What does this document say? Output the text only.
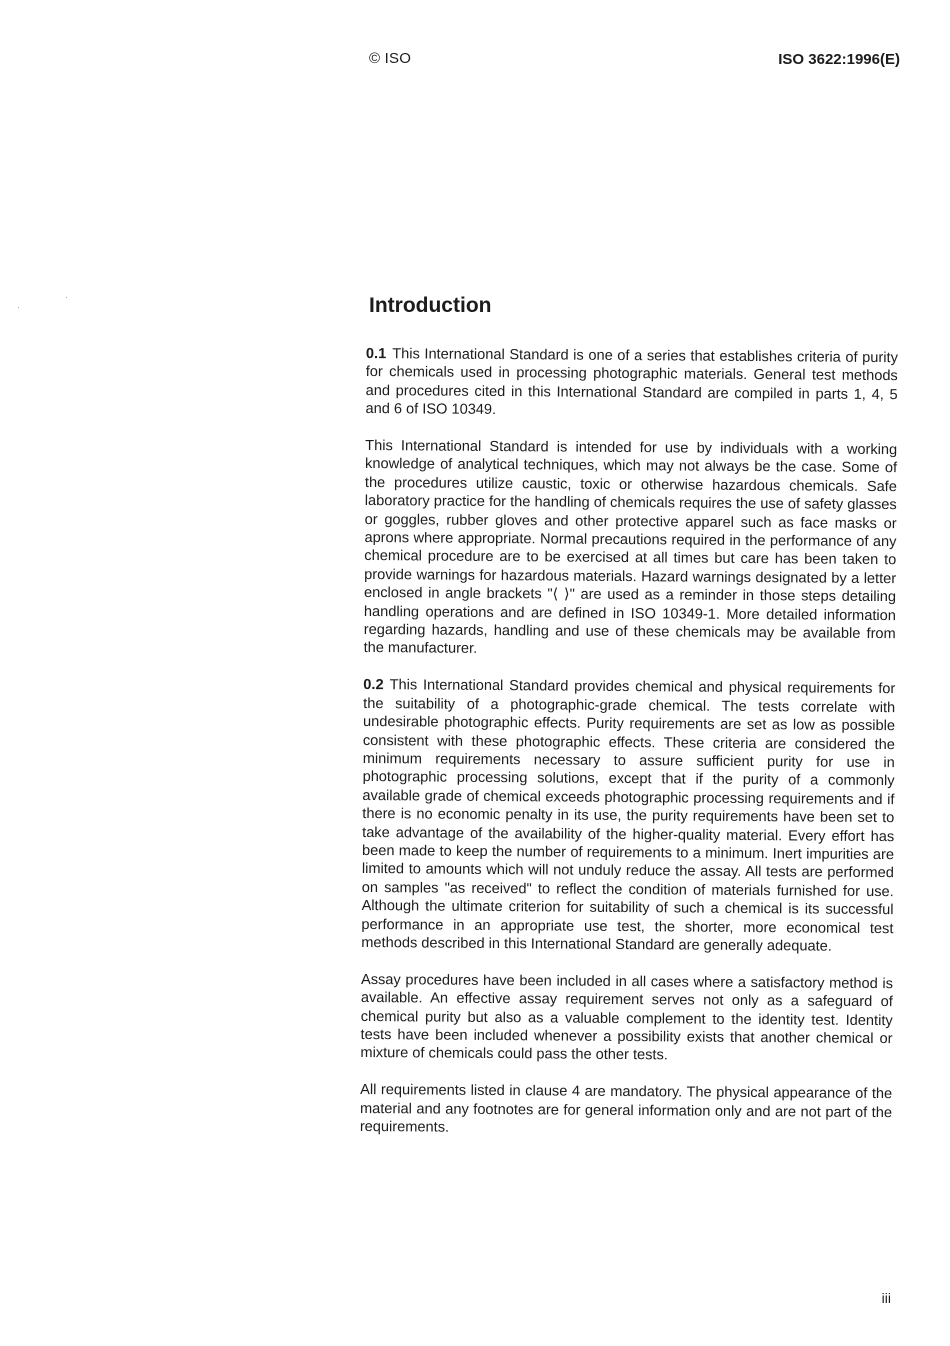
© ISO	ISO 3622:1996(E)
Introduction

0.1 This International Standard is one of a series that establishes criteria of purity for chemicals used in processing photographic materials. General test methods and procedures cited in this International Standard are compiled in parts 1, 4, 5 and 6 of ISO 10349.

This International Standard is intended for use by individuals with a working knowledge of analytical techniques, which may not always be the case. Some of the procedures utilize caustic, toxic or otherwise hazardous chemicals. Safe laboratory practice for the handling of chemicals requires the use of safety glasses or goggles, rubber gloves and other protective apparel such as face masks or aprons where appropriate. Normal precautions required in the performance of any chemical procedure are to be exercised at all times but care has been taken to provide warnings for hazardous materials. Hazard warnings designated by a letter enclosed in angle brackets "⟨ ⟩" are used as a reminder in those steps detailing handling operations and are defined in ISO 10349-1. More detailed information regarding hazards, handling and use of these chemicals may be available from the manufacturer.

0.2 This International Standard provides chemical and physical requirements for the suitability of a photographic-grade chemical. The tests correlate with undesirable photographic effects. Purity requirements are set as low as possible consistent with these photographic effects. These criteria are considered the minimum requirements necessary to assure sufficient purity for use in photographic processing solutions, except that if the purity of a commonly available grade of chemical exceeds photographic processing requirements and if there is no economic penalty in its use, the purity requirements have been set to take advantage of the availability of the higher-quality material. Every effort has been made to keep the number of requirements to a minimum. Inert impurities are limited to amounts which will not unduly reduce the assay. All tests are performed on samples "as received" to reflect the condition of materials furnished for use. Although the ultimate criterion for suitability of such a chemical is its successful performance in an appropriate use test, the shorter, more economical test methods described in this International Standard are generally adequate.

Assay procedures have been included in all cases where a satisfactory method is available. An effective assay requirement serves not only as a safeguard of chemical purity but also as a valuable complement to the identity test. Identity tests have been included whenever a possibility exists that another chemical or mixture of chemicals could pass the other tests.

All requirements listed in clause 4 are mandatory. The physical appearance of the material and any footnotes are for general information only and are not part of the requirements.

iii
